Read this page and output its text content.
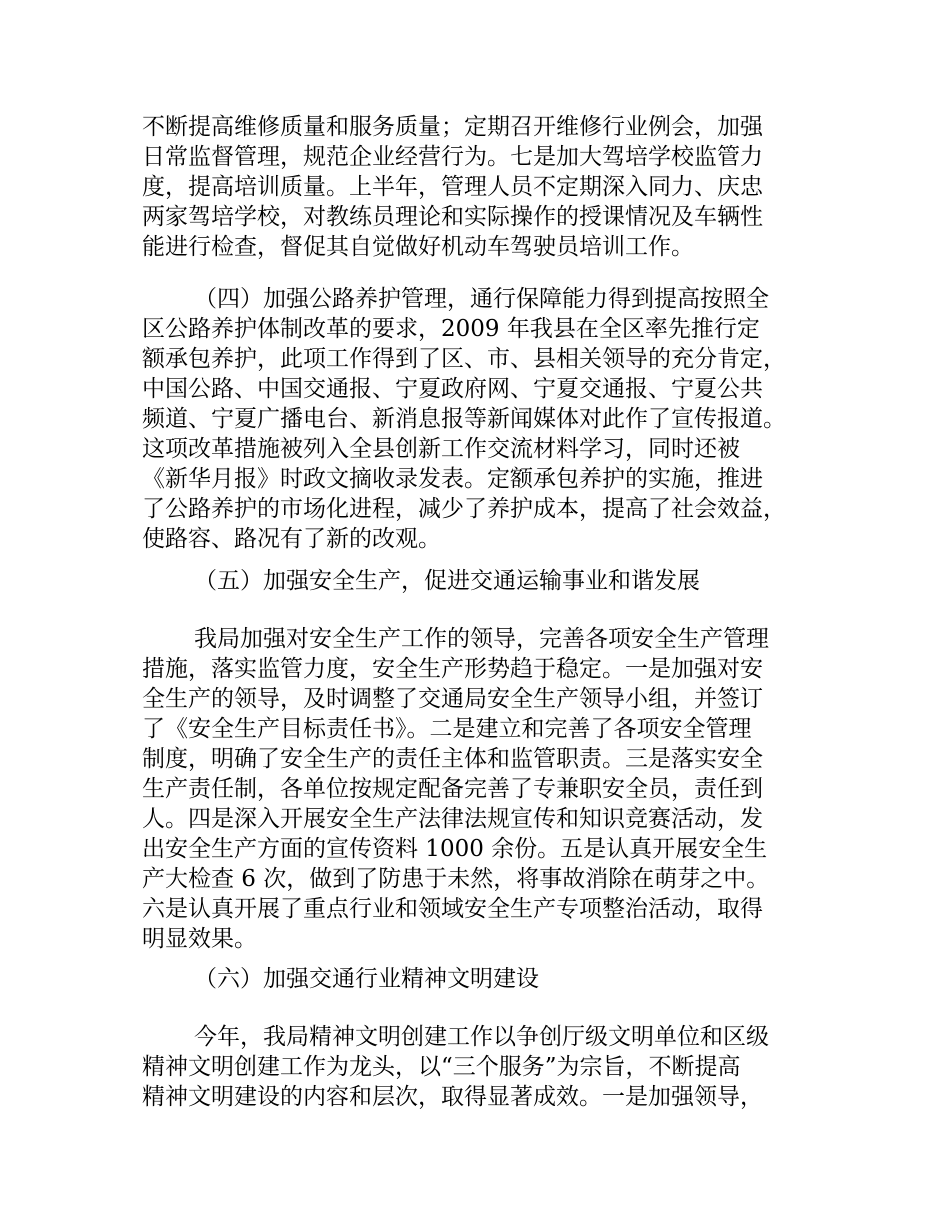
不断提高维修质量和服务质量；定期召开维修行业例会，加强
日常监督管理，规范企业经营行为。七是加大驾培学校监管力
度，提高培训质量。上半年，管理人员不定期深入同力、庆忠
两家驾培学校，对教练员理论和实际操作的授课情况及车辆性
能进行检查，督促其自觉做好机动车驾驶员培训工作。
（四）加强公路养护管理，通行保障能力得到提高按照全
区公路养护体制改革的要求，2009 年我县在全区率先推行定
额承包养护，此项工作得到了区、市、县相关领导的充分肯定，
中国公路、中国交通报、宁夏政府网、宁夏交通报、宁夏公共
频道、宁夏广播电台、新消息报等新闻媒体对此作了宣传报道。
这项改革措施被列入全县创新工作交流材料学习，同时还被
《新华月报》时政文摘收录发表。定额承包养护的实施，推进
了公路养护的市场化进程，减少了养护成本，提高了社会效益，
使路容、路况有了新的改观。
（五）加强安全生产，促进交通运输事业和谐发展
我局加强对安全生产工作的领导，完善各项安全生产管理
措施，落实监管力度，安全生产形势趋于稳定。一是加强对安
全生产的领导，及时调整了交通局安全生产领导小组，并签订
了《安全生产目标责任书》。二是建立和完善了各项安全管理
制度，明确了安全生产的责任主体和监管职责。三是落实安全
生产责任制，各单位按规定配备完善了专兼职安全员，责任到
人。四是深入开展安全生产法律法规宣传和知识竞赛活动，发
出安全生产方面的宣传资料 1000 余份。五是认真开展安全生
产大检查 6 次，做到了防患于未然，将事故消除在萌芽之中。
六是认真开展了重点行业和领域安全生产专项整治活动，取得
明显效果。
（六）加强交通行业精神文明建设
今年，我局精神文明创建工作以争创厅级文明单位和区级
精神文明创建工作为龙头，以“三个服务”为宗旨，不断提高
精神文明建设的内容和层次，取得显著成效。一是加强领导，
